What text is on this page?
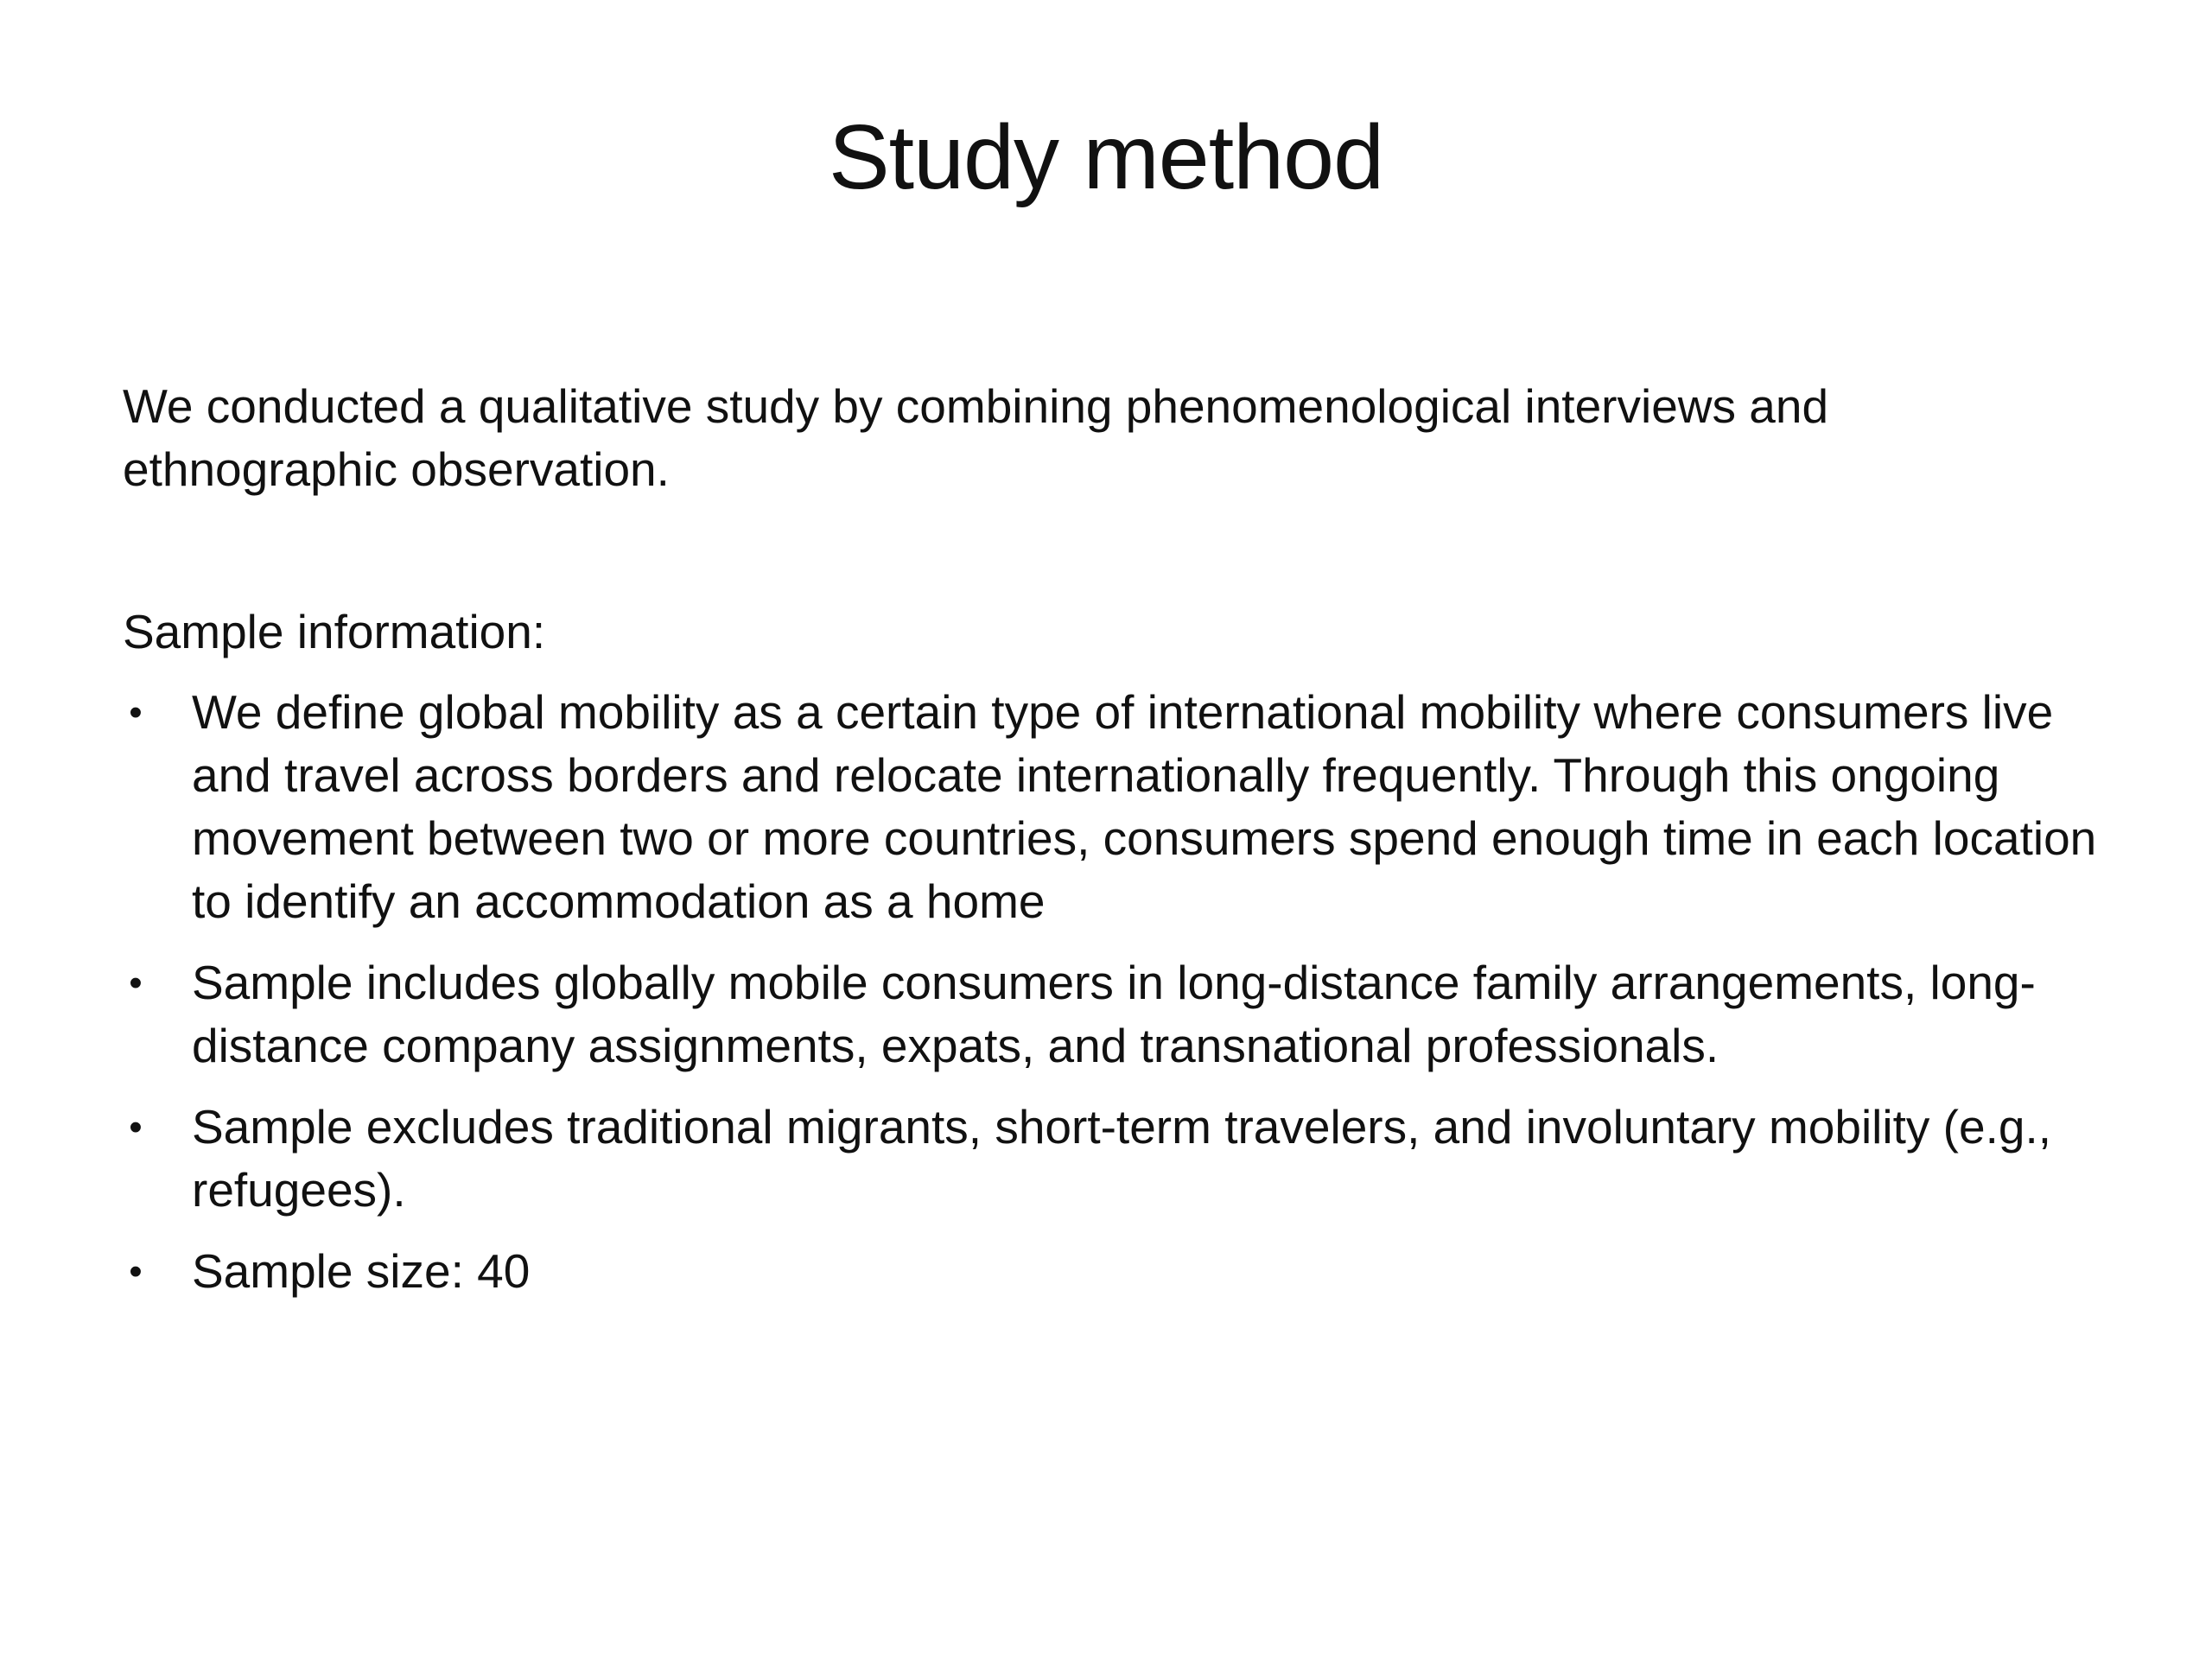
Study method

We conducted a qualitative study by combining phenomenological interviews and ethnographic observation.

Sample information:

• We define global mobility as a certain type of international mobility where consumers live and travel across borders and relocate internationally frequently. Through this ongoing movement between two or more countries, consumers spend enough time in each location to identify an accommodation as a home
• Sample includes globally mobile consumers in long-distance family arrangements, long-distance company assignments, expats, and transnational professionals.
• Sample excludes traditional migrants, short-term travelers, and involuntary mobility (e.g., refugees).
• Sample size: 40
